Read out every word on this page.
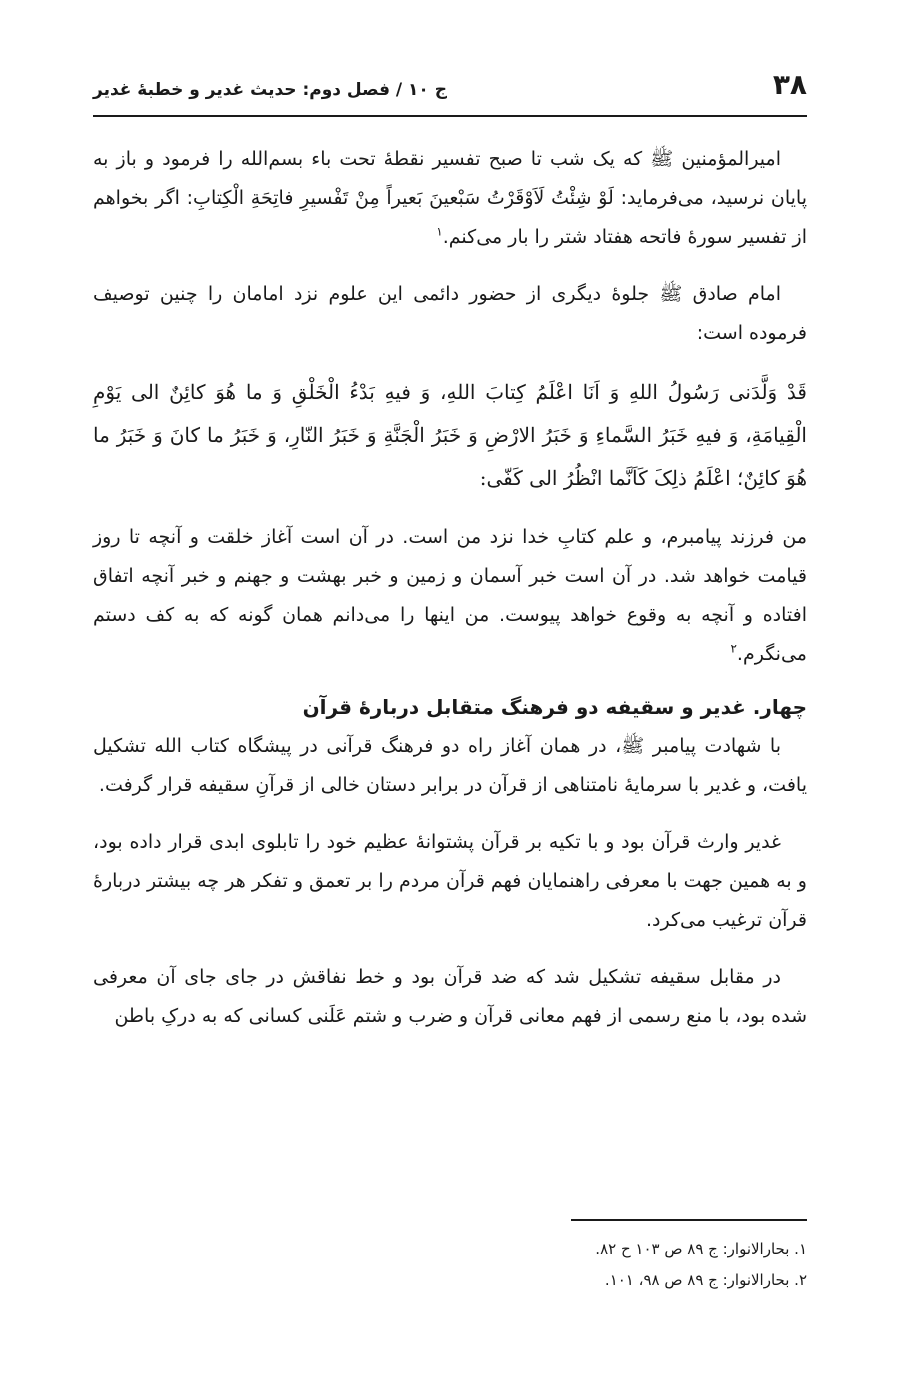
۳۸
ج ۱۰ / فصل دوم: حدیث غدیر و خطبۀ غدیر

امیرالمؤمنین ﷺ که یک شب تا صبح تفسیر نقطۀ تحت باء بسم‌الله را فرمود و باز به پایان نرسید، می‌فرماید: لَوْ شِئْتُ لَاَوْقَرْتُ سَبْعینَ بَعیراً مِنْ تَفْسیرِ فاتِحَةِ الْکِتابِ: اگر بخواهم از تفسیر سورۀ فاتحه هفتاد شتر را بار می‌کنم.$^۱$

امام صادق ﷺ جلوۀ دیگری از حضور دائمی این علوم نزد امامان را چنین توصیف فرموده است:

قَدْ وَلَّدَنی رَسُولُ اللهِ وَ اَنَا اعْلَمُ کِتابَ اللهِ، وَ فیهِ بَدْءُ الْخَلْقِ وَ ما هُوَ کائِنٌ الی یَوْمِ الْقِیامَةِ، وَ فیهِ خَبَرُ السَّماءِ وَ خَبَرُ الارْضِ وَ خَبَرُ الْجَنَّةِ وَ خَبَرُ النّارِ، وَ خَبَرُ ما کانَ وَ خَبَرُ ما هُوَ کائِنٌ؛ اعْلَمُ ذلِکَ کَاَنَّما انْظُرُ الی کَفّی:

من فرزند پیامبرم، و علم کتابِ خدا نزد من است. در آن است آغاز خلقت و آنچه تا روز قیامت خواهد شد. در آن است خبر آسمان و زمین و خبر بهشت و جهنم و خبر آنچه اتفاق افتاده و آنچه به وقوع خواهد پیوست. من اینها را می‌دانم همان گونه که به کف دستم می‌نگرم.$^۲$

چهار. غدیر و سقیفه دو فرهنگ متقابل دربارۀ قرآن

با شهادت پیامبر ﷺ، در همان آغاز راه دو فرهنگ قرآنی در پیشگاه کتاب الله تشکیل یافت، و غدیر با سرمایۀ نامتناهی از قرآن در برابر دستان خالی از قرآنِ سقیفه قرار گرفت.

غدیر وارث قرآن بود و با تکیه بر قرآن پشتوانۀ عظیم خود را تابلوی ابدی قرار داده بود، و به همین جهت با معرفی راهنمایان فهم قرآن مردم را بر تعمق و تفکر هر چه بیشتر دربارۀ قرآن ترغیب می‌کرد.

در مقابل سقیفه تشکیل شد که ضد قرآن بود و خط نفاقش در جای جای آن معرفی شده بود، با منع رسمی از فهم معانی قرآن و ضرب و شتم عَلَنی کسانی که به درکِ باطن

۱. بحارالانوار: ج ۸۹ ص ۱۰۳ ح ۸۲.

۲. بحارالانوار: ج ۸۹ ص ۹۸، ۱۰۱.
